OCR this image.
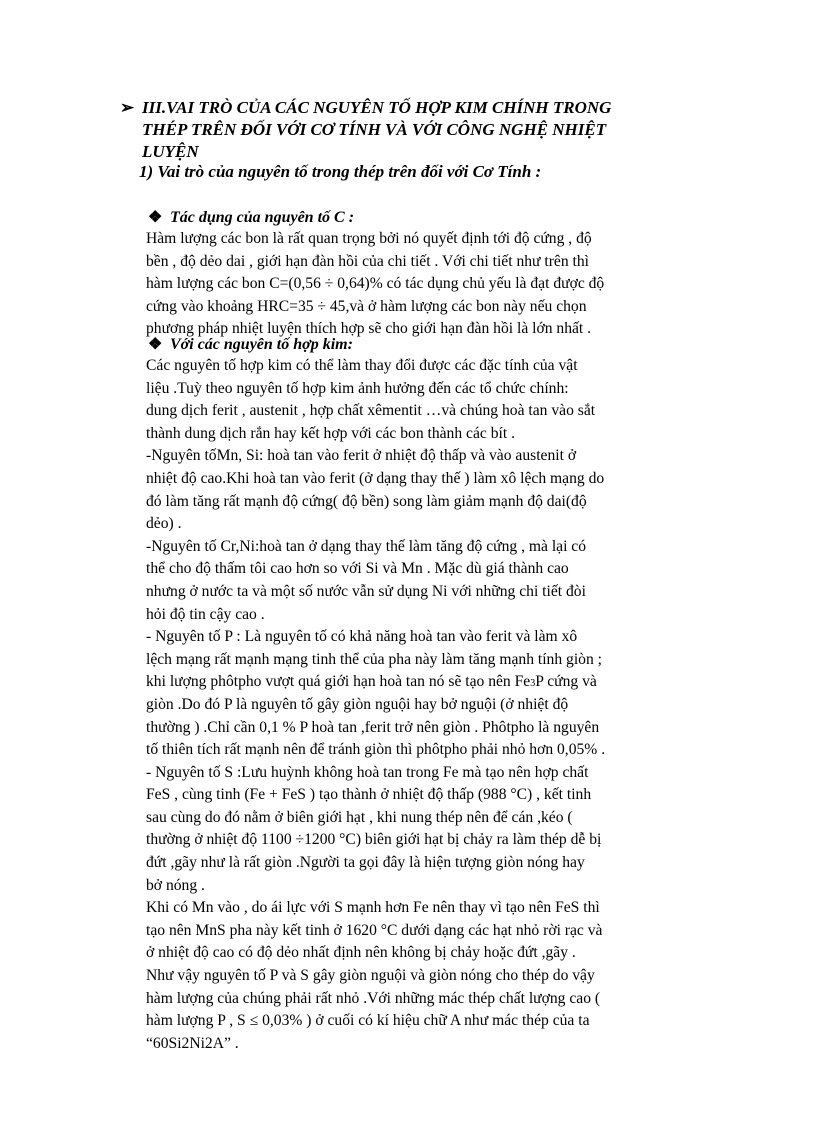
➢ III.VAI TRÒ CỦA CÁC NGUYÊN TỐ HỢP KIM CHÍNH TRONG
THÉP TRÊN ĐỐI VỚI CƠ TÍNH VÀ VỚI CÔNG NGHỆ NHIỆT
LUYỆN
1) Vai trò của nguyên tố trong thép trên đối với Cơ Tính :
❖ Tác dụng của nguyên tố C :
Hàm lượng các bon là rất quan trọng bởi nó quyết định tới độ cứng , độ
bền , độ dẻo dai , giới hạn đàn hồi của chi tiết . Với chi tiết như trên thì
hàm lượng các bon C=(0,56 ÷ 0,64)% có tác dụng chủ yếu là đạt được độ
cứng vào khoảng HRC=35 ÷ 45,và ở hàm lượng các bon này nếu chọn
phương pháp nhiệt luyện thích hợp sẽ cho giới hạn đàn hồi là lớn nhất .
❖ Với các nguyên tố hợp kim:
Các nguyên tố hợp kim có thể làm thay đổi được các đặc tính của vật
liệu .Tuỳ theo nguyên tố hợp kim ảnh hưởng đến các tổ chức chính:
dung dịch ferit , austenit , hợp chất xêmentit …và chúng hoà tan vào sắt
thành dung dịch rắn hay kết hợp với các bon thành các bít .
-Nguyên tốMn, Si: hoà tan vào ferit ở nhiệt độ thấp và vào austenit ở
nhiệt độ cao.Khi hoà tan vào ferit (ở dạng thay thế ) làm xô lệch mạng do
đó làm tăng rất mạnh độ cứng( độ bền) song làm giảm mạnh độ dai(độ
dẻo) .
-Nguyên tố Cr,Ni:hoà tan ở dạng thay thế làm tăng độ cứng , mà lại có
thể cho độ thấm tôi cao hơn so với Si và Mn . Mặc dù giá thành cao
nhưng ở nước ta và một số nước vẫn sử dụng Ni với những chi tiết đòi
hỏi độ tin cậy cao .
- Nguyên tố P : Là nguyên tố có khả năng hoà tan vào ferit và làm xô
lệch mạng rất mạnh mạng tinh thể của pha này làm tăng mạnh tính giòn ;
khi lượng phôtpho vượt quá giới hạn hoà tan nó sẽ tạo nên Fe3P cứng và
giòn .Do đó P là nguyên tố gây giòn nguội hay bở nguội (ở nhiệt độ
thường ) .Chỉ cần 0,1 % P hoà tan ,ferit trở nên giòn . Phôtpho là nguyên
tố thiên tích rất mạnh nên để tránh giòn thì phôtpho phải nhỏ hơn 0,05% .
- Nguyên tố S :Lưu huỳnh không hoà tan trong Fe mà tạo nên hợp chất
FeS , cùng tinh (Fe + FeS ) tạo thành ở nhiệt độ thấp (988 °C) , kết tinh
sau cùng do đó nằm ở biên giới hạt , khi nung thép nên để cán ,kéo (
thường ở nhiệt độ 1100 ÷1200 °C) biên giới hạt bị chảy ra làm thép dễ bị
đứt ,gãy như là rất giòn .Người ta gọi đây là hiện tượng giòn nóng hay
bở nóng .
Khi có Mn vào , do ái lực với S mạnh hơn Fe nên thay vì tạo nên FeS thì
tạo nên MnS pha này kết tinh ở 1620 °C dưới dạng các hạt nhỏ rời rạc và
ở nhiệt độ cao có độ dẻo nhất định nên không bị chảy hoặc đứt ,gãy .
Như vậy nguyên tố P và S gây giòn nguội và giòn nóng cho thép do vậy
hàm lượng của chúng phải rất nhỏ .Với những mác thép chất lượng cao (
hàm lượng P , S ≤ 0,03% ) ở cuối có kí hiệu chữ A như mác thép của ta
“60Si2Ni2A” .
